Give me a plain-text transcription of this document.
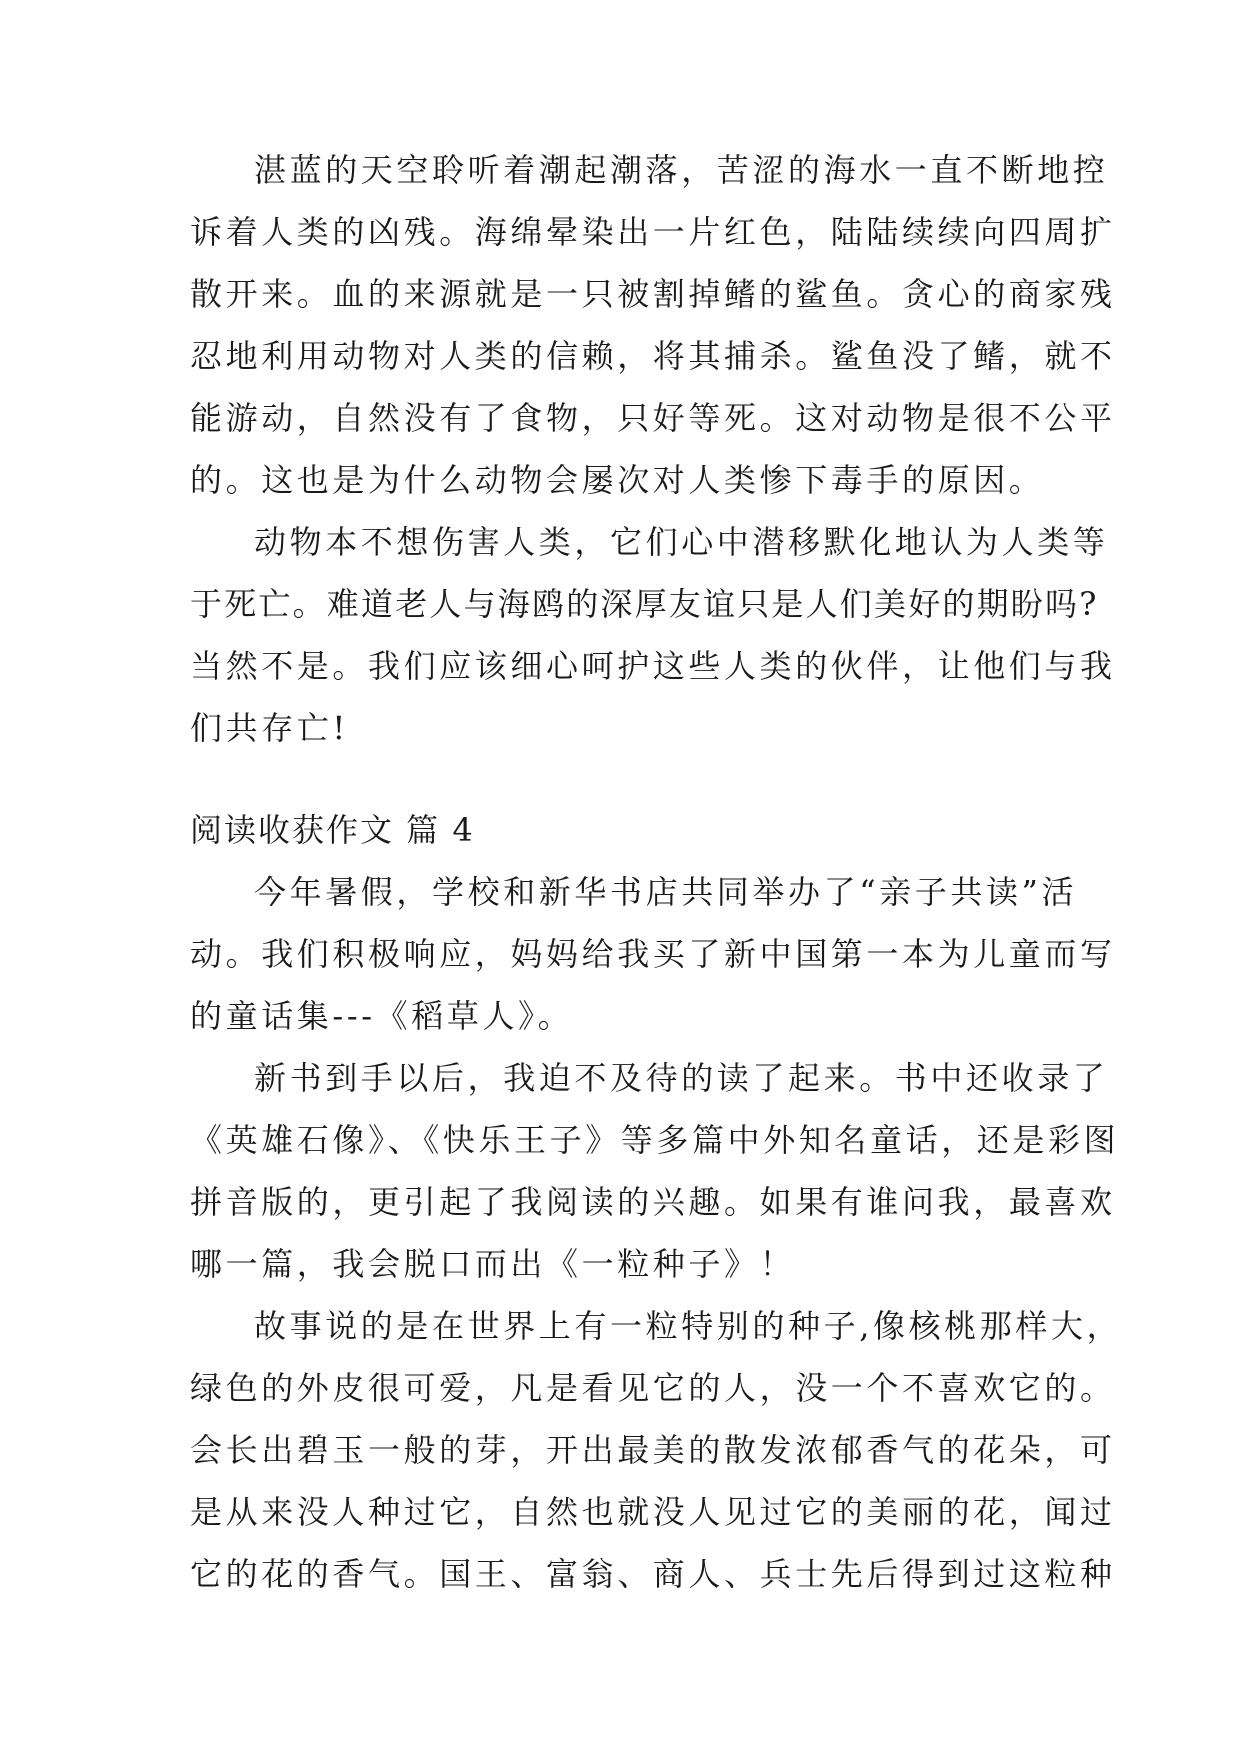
湛蓝的天空聆听着潮起潮落，苦涩的海水一直不断地控
诉着人类的凶残。海绵晕染出一片红色，陆陆续续向四周扩
散开来。血的来源就是一只被割掉鳍的鲨鱼。贪心的商家残
忍地利用动物对人类的信赖，将其捕杀。鲨鱼没了鳍，就不
能游动，自然没有了食物，只好等死。这对动物是很不公平
的。这也是为什么动物会屡次对人类惨下毒手的原因。
动物本不想伤害人类，它们心中潜移默化地认为人类等
于死亡。难道老人与海鸥的深厚友谊只是人们美好的期盼吗?
当然不是。我们应该细心呵护这些人类的伙伴，让他们与我
们共存亡!
阅读收获作文 篇 4
今年暑假，学校和新华书店共同举办了“亲子共读”活
动。我们积极响应，妈妈给我买了新中国第一本为儿童而写
的童话集---《稻草人》。
新书到手以后，我迫不及待的读了起来。书中还收录了
《英雄石像》、《快乐王子》等多篇中外知名童话，还是彩图
拼音版的，更引起了我阅读的兴趣。如果有谁问我，最喜欢
哪一篇，我会脱口而出《一粒种子》！
故事说的是在世界上有一粒特别的种子,像核桃那样大，
绿色的外皮很可爱，凡是看见它的人，没一个不喜欢它的。
会长出碧玉一般的芽，开出最美的散发浓郁香气的花朵，可
是从来没人种过它，自然也就没人见过它的美丽的花，闻过
它的花的香气。国王、富翁、商人、兵士先后得到过这粒种
